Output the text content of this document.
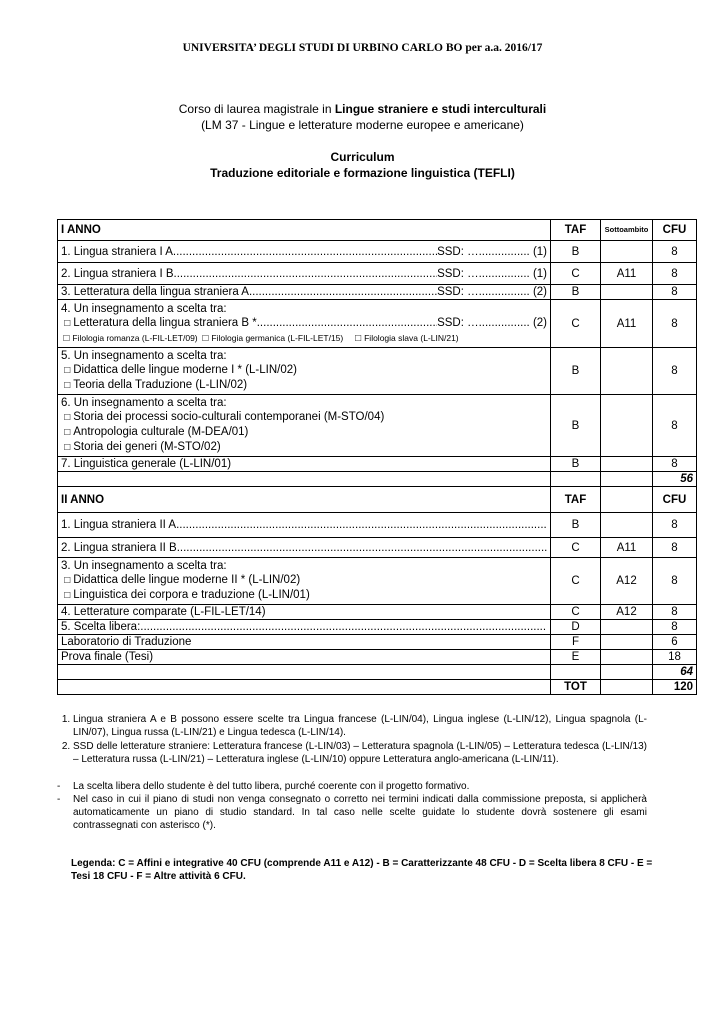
UNIVERSITA’ DEGLI STUDI DI URBINO CARLO BO per a.a. 2016/17
Corso di laurea magistrale in Lingue straniere e studi interculturali
(LM 37 - Lingue e letterature moderne europee e americane)
Curriculum
Traduzione editoriale e formazione linguistica (TEFLI)
I ANNO	TAF	Sottoambito	CFU

1. Lingua straniera I A ..... SSD: …................ (1)	B		8

2. Lingua straniera I B ..... SSD: …................ (1)	C	A11	8

3. Letteratura della lingua straniera A ..... SSD: …................ (2)	B		8

4. Un insegnamento a scelta tra:

□ Letteratura della lingua straniera B * ..... SSD: …................ (2)
□ Filologia romanza (L-FIL-LET/09) □ Filologia germanica (L-FIL-LET/15) □ Filologia slava (L-LIN/21)	C	A11	8

5. Un insegnamento a scelta tra:
□ Didattica delle lingue moderne I * (L-LIN/02)
□ Teoria della Traduzione (L-LIN/02)	B		8

6. Un insegnamento a scelta tra:
□ Storia dei processi socio-culturali contemporanei (M-STO/04)
□ Antropologia culturale (M-DEA/01)
□ Storia dei generi (M-STO/02)	B		8
7. Linguistica generale (L-LIN/01)	B		8
			56
II ANNO	TAF		CFU

1. Lingua straniera II A
.....	B		8

2. Lingua straniera II B
.....	C	A11	8

3. Un insegnamento a scelta tra:
□ Didattica delle lingue moderne II * (L-LIN/02)
□ Linguistica dei corpora e traduzione (L-LIN/01)	C	A12	8
4. Letterature comparate (L-FIL-LET/14)	C	A12	8

5. Scelta libera:
.....	D		8
Laboratorio di Traduzione	F		6
Prova finale (Tesi)	E		18
			64
	TOT		120
1. Lingua straniera A e B possono essere scelte tra Lingua francese (L-LIN/04), Lingua inglese (L-LIN/12), Lingua spagnola (L-LIN/07), Lingua russa (L-LIN/21) e Lingua tedesca (L-LIN/14).
2. SSD delle letterature straniere: Letteratura francese (L-LIN/03) – Letteratura spagnola (L-LIN/05) – Letteratura tedesca (L-LIN/13) – Letteratura russa (L-LIN/21) – Letteratura inglese (L-LIN/10) oppure Letteratura anglo-americana (L-LIN/11).
- La scelta libera dello studente è del tutto libera, purché coerente con il progetto formativo.
- Nel caso in cui il piano di studi non venga consegnato o corretto nei termini indicati dalla commissione preposta, si applicherà automaticamente un piano di studio standard. In tal caso nelle scelte guidate lo studente dovrà sostenere gli esami contrassegnati con asterisco (*).
Legenda: C = Affini e integrative 40 CFU (comprende A11 e A12) - B = Caratterizzante 48 CFU - D = Scelta libera 8 CFU - E = Tesi 18 CFU - F = Altre attività 6 CFU.
